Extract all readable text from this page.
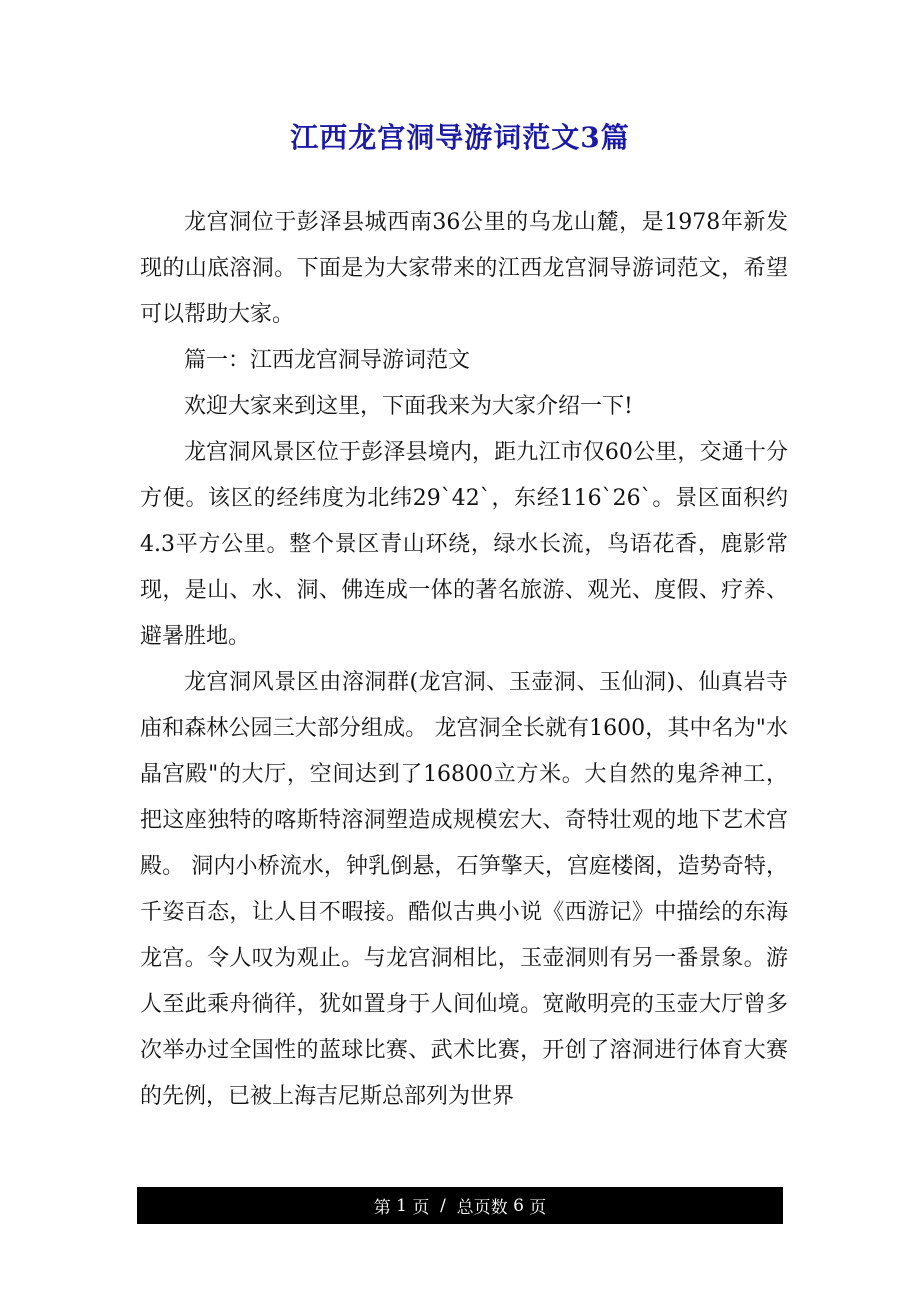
江西龙宫洞导游词范文3篇

龙宫洞位于彭泽县城西南36公里的乌龙山麓，是1978年新发现的山底溶洞。下面是为大家带来的江西龙宫洞导游词范文，希望可以帮助大家。

篇一：江西龙宫洞导游词范文

欢迎大家来到这里，下面我来为大家介绍一下!

龙宫洞风景区位于彭泽县境内，距九江市仅60公里，交通十分方便。该区的经纬度为北纬29`42`，东经116`26`。景区面积约4.3平方公里。整个景区青山环绕，绿水长流，鸟语花香，鹿影常现，是山、水、洞、佛连成一体的著名旅游、观光、度假、疗养、避暑胜地。

龙宫洞风景区由溶洞群(龙宫洞、玉壶洞、玉仙洞)、仙真岩寺庙和森林公园三大部分组成。 龙宫洞全长就有1600，其中名为"水晶宫殿"的大厅，空间达到了16800立方米。大自然的鬼斧神工，把这座独特的喀斯特溶洞塑造成规模宏大、奇特壮观的地下艺术宫殿。 洞内小桥流水，钟乳倒悬，石笋擎天，宫庭楼阁，造势奇特，千姿百态，让人目不暇接。酷似古典小说《西游记》中描绘的东海龙宫。令人叹为观止。与龙宫洞相比，玉壶洞则有另一番景象。游人至此乘舟徜徉，犹如置身于人间仙境。宽敞明亮的玉壶大厅曾多次举办过全国性的蓝球比赛、武术比赛，开创了溶洞进行体育大赛的先例，已被上海吉尼斯总部列为世界

第 1 页 / 总页数 6 页
